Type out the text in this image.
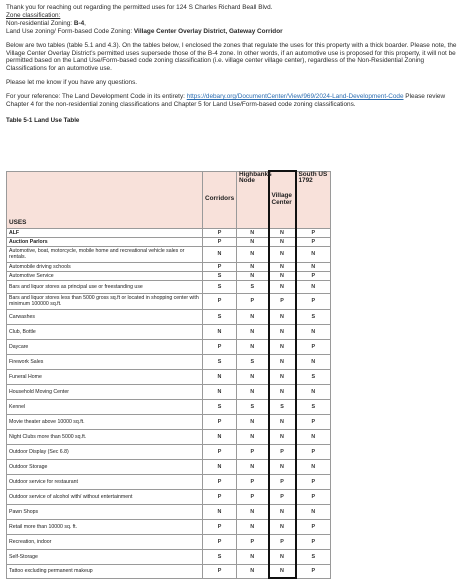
Thank you for reaching out regarding the permitted uses for 124 S Charles Richard Beall Blvd.
Zone classification:
Non-residential Zoning: B-4,
Land Use zoning/ Form-based Code Zoning: Village Center Overlay District, Gateway Corridor
Below are two tables (table 5.1 and 4.3). On the tables below, I enclosed the zones that regulate the uses for this property with a thick boarder. Please note, the Village Center Overlay District’s permitted uses supersede those of the B-4 zone. In other words, if an automotive use is proposed for this property, it will not be permitted based on the Land Use/Form-based code zoning classification (i.e. village center village center), regardless of the Non-Residential Zoning Classifications for an automotive use.
Please let me know if you have any questions.
For your reference: The Land Development Code in its entirety: https://debary.org/DocumentCenter/View/969/2024-Land-Development-Code Please review Chapter 4 for the non-residential zoning classifications and Chapter 5 for Land Use/Form-based code zoning classifications.
Table 5-1 Land Use Table
USES	Corridors	Highbanks Node	Village Center	South US 1792
ALF	P	N	N	P
Auction Parlors	P	N	N	P
Automotive, boat, motorcycle, mobile home and recreational vehicle sales or rentals.	N	N	N	N
Automobile driving schools	P	N	N	N
Automotive Service	S	N	N	P
Bars and liquor stores as principal use or freestanding use	S	S	N	N
Bars and liquor stores less than 5000 gross sq.ft or located in shopping center with minimum 100000 sq.ft.	P	P	P	P
Carwashes	S	N	N	S
Club, Bottle	N	N	N	N
Daycare	P	N	N	P
Firework Sales	S	S	N	N
Funeral Home	N	N	N	S
Household Moving Center	N	N	N	N
Kennel	S	S	S	S
Movie theater above 10000 sq.ft.	P	N	N	P
Night Clubs more than 5000 sq.ft.	N	N	N	N
Outdoor Display (Sec 6.8)	P	P	P	P
Outdoor Storage	N	N	N	N
Outdoor service for restaurant	P	P	P	P
Outdoor service of alcohol with/ without entertainment	P	P	P	P
Pawn Shops	N	N	N	N
Retail more than 10000 sq. ft.	P	N	N	P
Recreation, indoor	P	P	P	P
Self-Storage	S	N	N	S
Tattoo excluding permanent makeup	P	N	N	P
